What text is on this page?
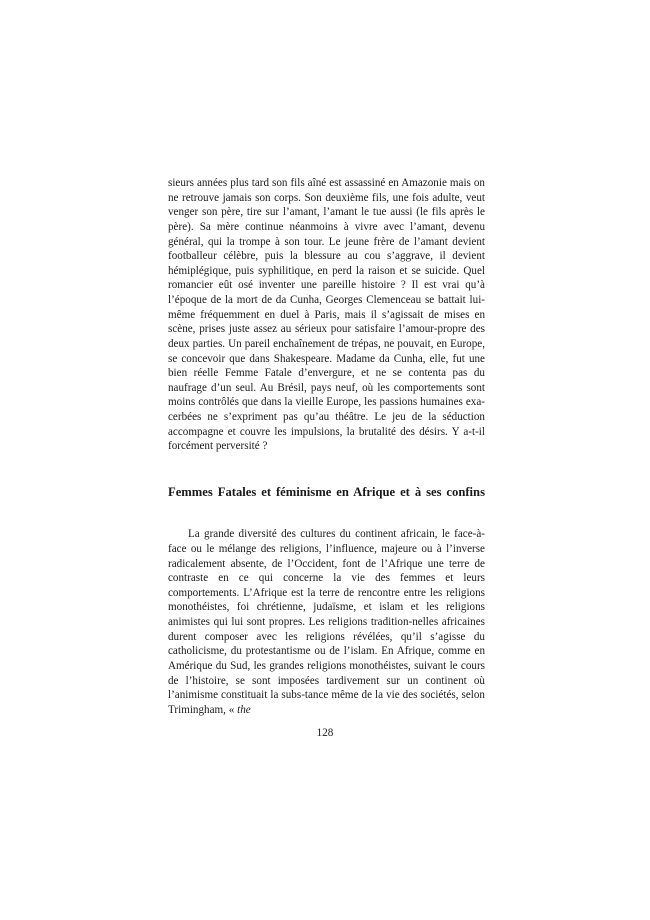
sieurs années plus tard son fils aîné est assassiné en Amazonie mais on ne retrouve jamais son corps. Son deuxième fils, une fois adulte, veut venger son père, tire sur l’amant, l’amant le tue aussi (le fils après le père). Sa mère continue néanmoins à vivre avec l’amant, devenu général, qui la trompe à son tour. Le jeune frère de l’amant devient footballeur célèbre, puis la blessure au cou s’aggrave, il devient hémiplégique, puis syphilitique, en perd la raison et se suicide. Quel romancier eût osé inventer une pareille histoire ? Il est vrai qu’à l’époque de la mort de da Cunha, Georges Clemenceau se battait lui-même fréquemment en duel à Paris, mais il s’agissait de mises en scène, prises juste assez au sérieux pour satisfaire l’amour-propre des deux parties. Un pareil enchaînement de trépas, ne pouvait, en Europe, se concevoir que dans Shakespeare. Madame da Cunha, elle, fut une bien réelle Femme Fatale d’envergure, et ne se contenta pas du naufrage d’un seul. Au Brésil, pays neuf, où les comportements sont moins contrôlés que dans la vieille Europe, les passions humaines exa-cerbées ne s’expriment pas qu’au théâtre. Le jeu de la séduction accompagne et couvre les impulsions, la brutalité des désirs. Y a-t-il forcément perversité ?

Femmes Fatales et féminisme en Afrique et à ses confins

La grande diversité des cultures du continent africain, le face-à-face ou le mélange des religions, l’influence, majeure ou à l’inverse radicalement absente, de l’Occident, font de l’Afrique une terre de contraste en ce qui concerne la vie des femmes et leurs comportements. L’Afrique est la terre de rencontre entre les religions monothéistes, foi chrétienne, judaïsme, et islam et les religions animistes qui lui sont propres. Les religions tradition-nelles africaines durent composer avec les religions révélées, qu’il s’agisse du catholicisme, du protestantisme ou de l’islam. En Afrique, comme en Amérique du Sud, les grandes religions monothéistes, suivant le cours de l’histoire, se sont imposées tardivement sur un continent où l’animisme constituait la subs-tance même de la vie des sociétés, selon Trimingham, « the

128
